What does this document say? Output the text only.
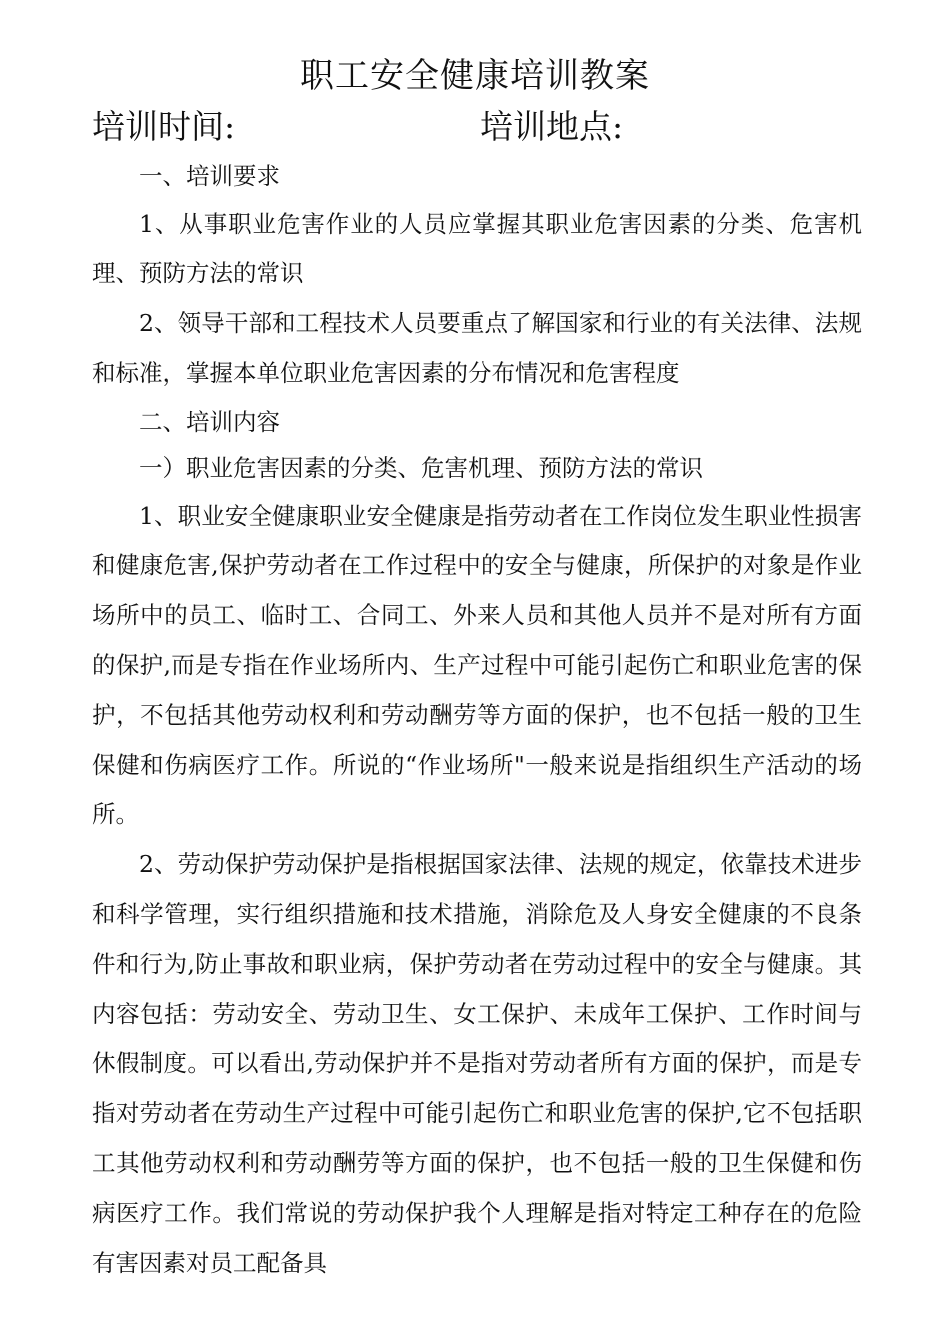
职工安全健康培训教案
培训时间:	培训地点:

一、培训要求

1、从事职业危害作业的人员应掌握其职业危害因素的分类、危害机理、预防方法的常识

2、领导干部和工程技术人员要重点了解国家和行业的有关法律、法规和标准，掌握本单位职业危害因素的分布情况和危害程度

二、培训内容

一）职业危害因素的分类、危害机理、预防方法的常识

1、职业安全健康职业安全健康是指劳动者在工作岗位发生职业性损害和健康危害,保护劳动者在工作过程中的安全与健康，所保护的对象是作业场所中的员工、临时工、合同工、外来人员和其他人员并不是对所有方面的保护,而是专指在作业场所内、生产过程中可能引起伤亡和职业危害的保护，不包括其他劳动权利和劳动酬劳等方面的保护，也不包括一般的卫生保健和伤病医疗工作。所说的“作业场所"一般来说是指组织生产活动的场所。

2、劳动保护劳动保护是指根据国家法律、法规的规定，依靠技术进步和科学管理，实行组织措施和技术措施，消除危及人身安全健康的不良条件和行为,防止事故和职业病，保护劳动者在劳动过程中的安全与健康。其内容包括：劳动安全、劳动卫生、女工保护、未成年工保护、工作时间与休假制度。可以看出,劳动保护并不是指对劳动者所有方面的保护，而是专指对劳动者在劳动生产过程中可能引起伤亡和职业危害的保护,它不包括职工其他劳动权利和劳动酬劳等方面的保护，也不包括一般的卫生保健和伤病医疗工作。我们常说的劳动保护我个人理解是指对特定工种存在的危险有害因素对员工配备具
